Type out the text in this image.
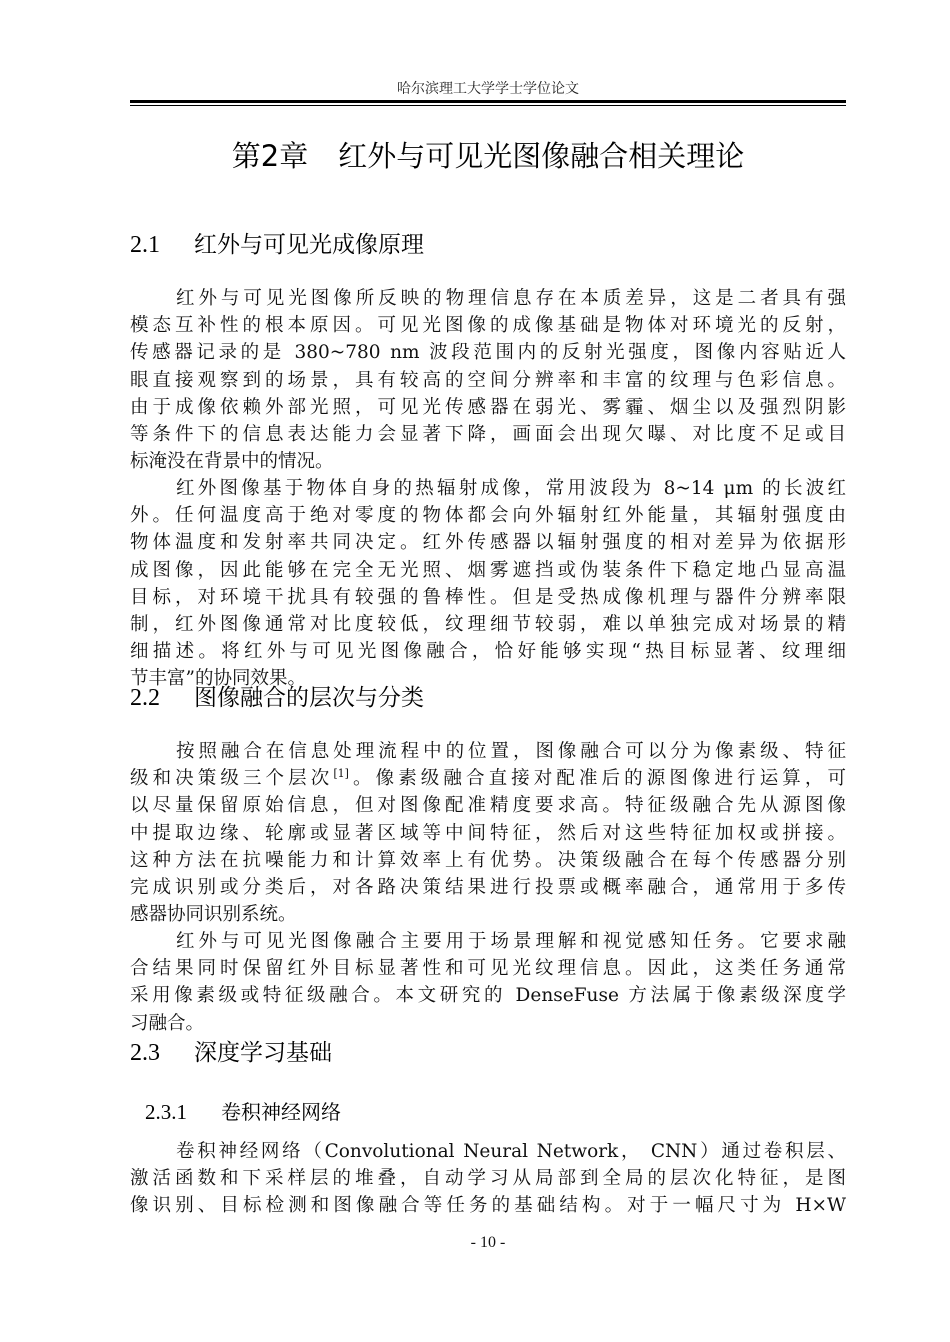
哈尔滨理工大学学士学位论文
第2章 红外与可见光图像融合相关理论
2.1 红外与可见光成像原理
红外与可见光图像所反映的物理信息存在本质差异，这是二者具有强
模态互补性的根本原因。可见光图像的成像基础是物体对环境光的反射，
传感器记录的是 380~780 nm 波段范围内的反射光强度，图像内容贴近人
眼直接观察到的场景，具有较高的空间分辨率和丰富的纹理与色彩信息。
由于成像依赖外部光照，可见光传感器在弱光、雾霾、烟尘以及强烈阴影
等条件下的信息表达能力会显著下降，画面会出现欠曝、对比度不足或目
标淹没在背景中的情况。
红外图像基于物体自身的热辐射成像，常用波段为 8~14 μm 的长波红
外。任何温度高于绝对零度的物体都会向外辐射红外能量，其辐射强度由
物体温度和发射率共同决定。红外传感器以辐射强度的相对差异为依据形
成图像，因此能够在完全无光照、烟雾遮挡或伪装条件下稳定地凸显高温
目标，对环境干扰具有较强的鲁棒性。但是受热成像机理与器件分辨率限
制，红外图像通常对比度较低，纹理细节较弱，难以单独完成对场景的精
细描述。将红外与可见光图像融合，恰好能够实现“热目标显著、纹理细
节丰富”的协同效果。
2.2 图像融合的层次与分类
按照融合在信息处理流程中的位置，图像融合可以分为像素级、特征
级和决策级三个层次[1]。像素级融合直接对配准后的源图像进行运算，可
以尽量保留原始信息，但对图像配准精度要求高。特征级融合先从源图像
中提取边缘、轮廓或显著区域等中间特征，然后对这些特征加权或拼接。
这种方法在抗噪能力和计算效率上有优势。决策级融合在每个传感器分别
完成识别或分类后，对各路决策结果进行投票或概率融合，通常用于多传
感器协同识别系统。
红外与可见光图像融合主要用于场景理解和视觉感知任务。它要求融
合结果同时保留红外目标显著性和可见光纹理信息。因此，这类任务通常
采用像素级或特征级融合。本文研究的 DenseFuse 方法属于像素级深度学
习融合。
2.3 深度学习基础
2.3.1 卷积神经网络
卷积神经网络（Convolutional Neural Network， CNN）通过卷积层、
激活函数和下采样层的堆叠，自动学习从局部到全局的层次化特征，是图
像识别、目标检测和图像融合等任务的基础结构。对于一幅尺寸为 H×W
- 10 -
